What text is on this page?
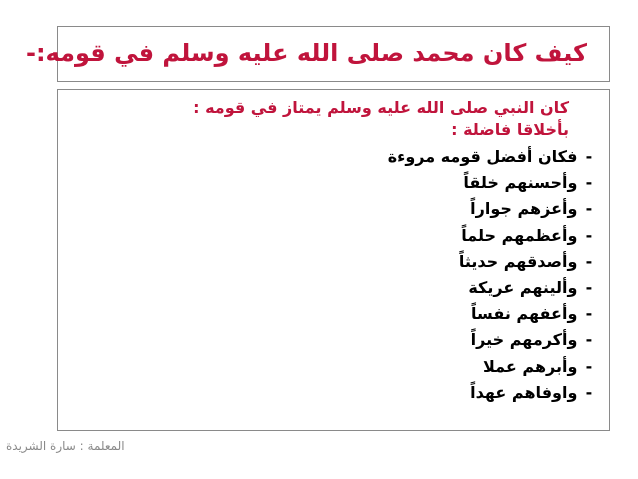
كيف كان محمد صلى الله عليه وسلم في قومه:-
كان النبي صلى الله عليه وسلم يمتاز في قومه :
بأخلاقا فاضلة :
- فكان أفضل قومه مروءة
- وأحسنهم خلقاً
- وأعزهم جواراً
- وأعظمهم حلماً
- وأصدقهم حديثاً
- وألينهم عريكة
- وأعفهم نفساً
- وأكرمهم خيراً
- وأبرهم عملا
- واوفاهم عهداً
المعلمة : سارة الشريدة
